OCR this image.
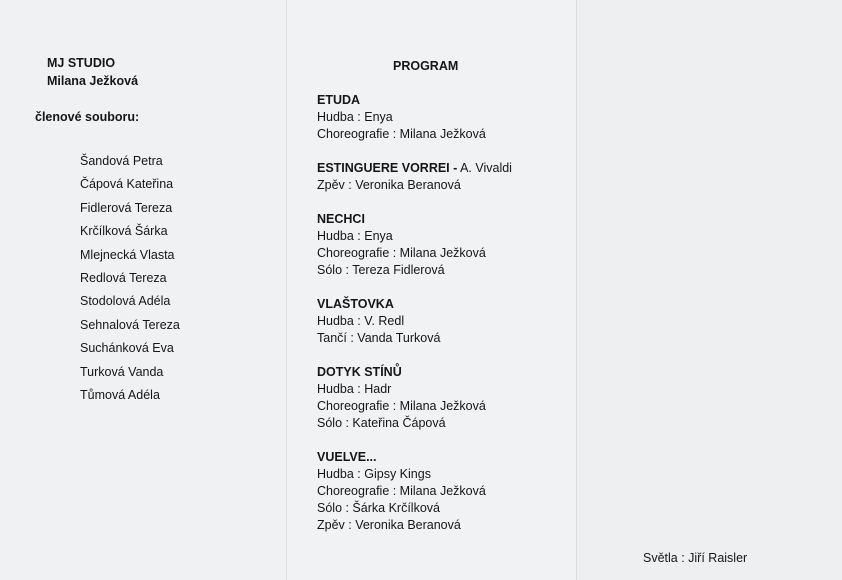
MJ STUDIO
Milana Ježková
členové souboru:
Šandová Petra
Čápová Kateřina
Fidlerová Tereza
Krčílková Šárka
Mlejnecká Vlasta
Redlová Tereza
Stodolová Adéla
Sehnalová Tereza
Suchánková Eva
Turková Vanda
Tůmová Adéla
PROGRAM
ETUDA
Hudba : Enya
Choreografie : Milana Ježková
ESTINGUERE VORREI - A. Vivaldi
Zpěv : Veronika Beranová
NECHCI
Hudba : Enya
Choreografie : Milana Ježková
Sólo : Tereza Fidlerová
VLAŠTOVKA
Hudba : V. Redl
Tančí : Vanda Turková
DOTYK STÍNŮ
Hudba : Hadr
Choreografie : Milana Ježková
Sólo : Kateřina Čápová
VUELVE...
Hudba : Gipsy Kings
Choreografie : Milana Ježková
Sólo : Šárka Krčílková
Zpěv : Veronika Beranová
Světla : Jiří Raisler
